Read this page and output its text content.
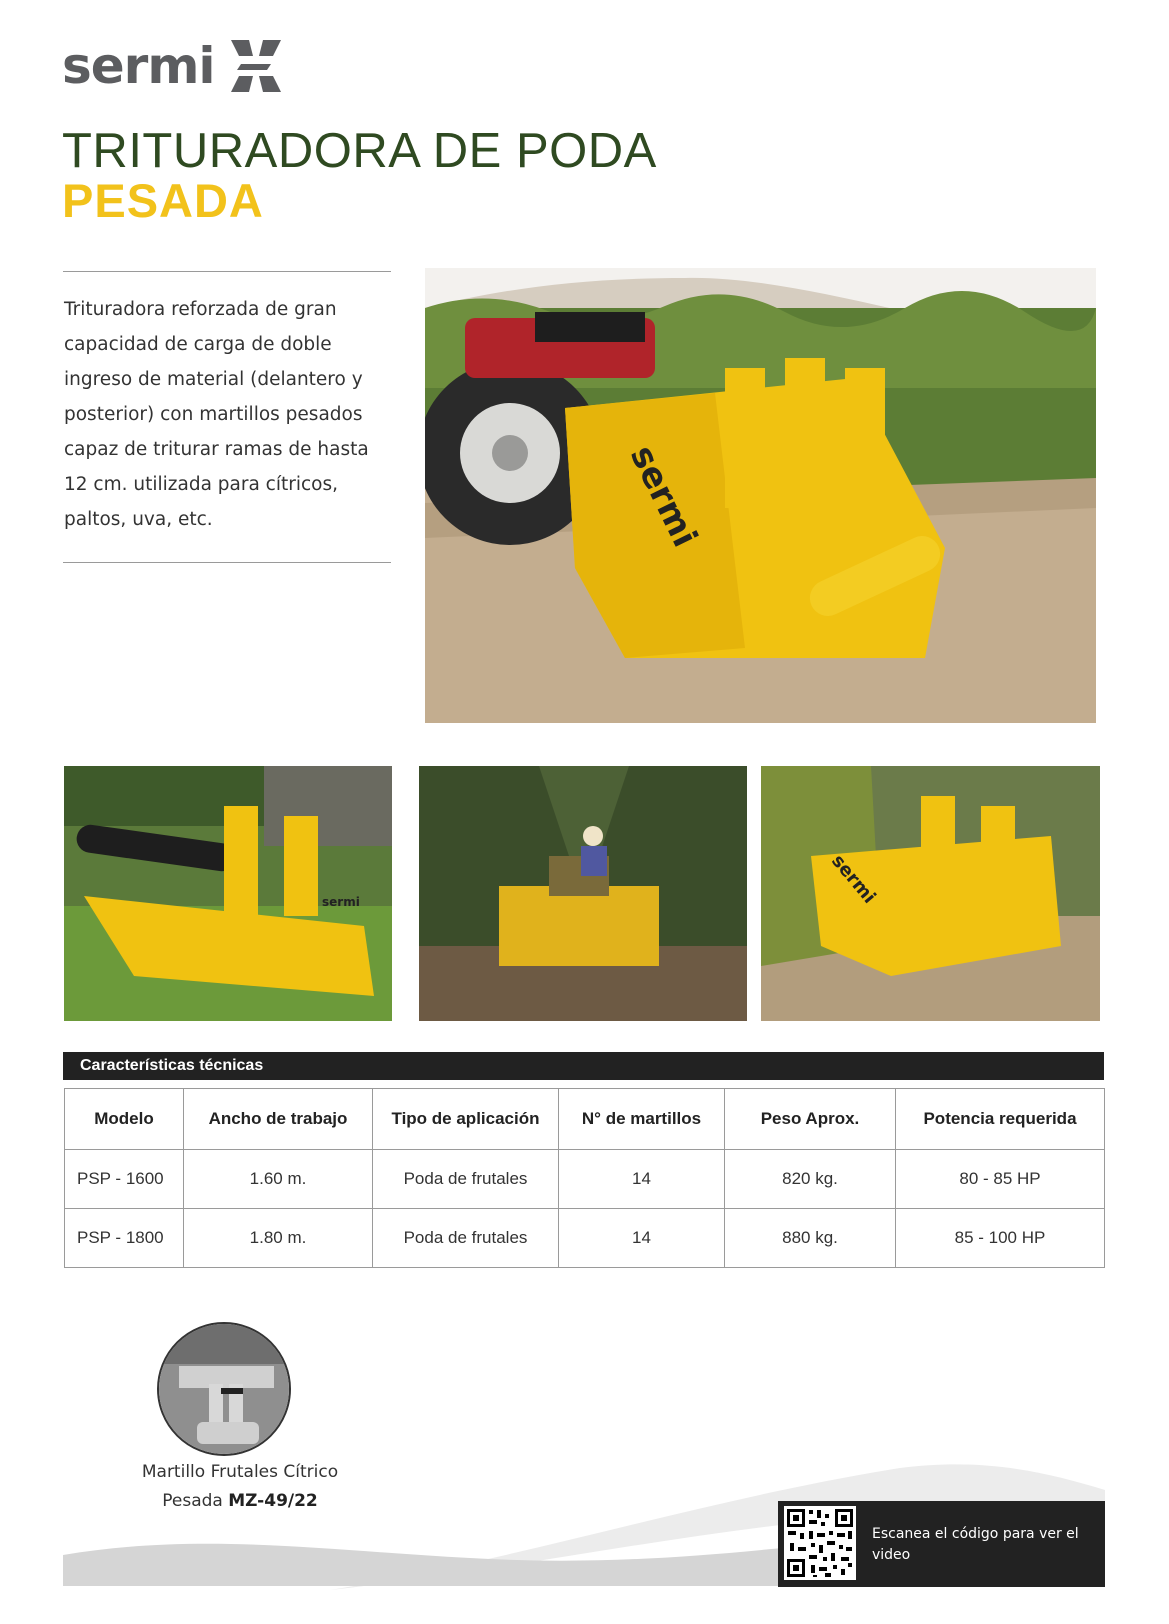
sermi
TRITURADORA DE PODA
PESADA
Trituradora reforzada de gran capacidad de carga de doble ingreso de material (delantero y posterior) con martillos pesados capaz de triturar ramas de hasta 12 cm. utilizada para cítricos, paltos, uva, etc.	sermi
sermi	sermi
Características técnicas
Modelo	Ancho de trabajo	Tipo de aplicación	N° de martillos	Peso Aprox.	Potencia requerida
PSP - 1600	1.60 m.	Poda de frutales	14	820 kg.	80 - 85 HP
PSP - 1800	1.80 m.	Poda de frutales	14	880 kg.	85 - 100 HP
Martillo Frutales Cítrico
Pesada MZ-49/22
Escanea el código para ver el video
